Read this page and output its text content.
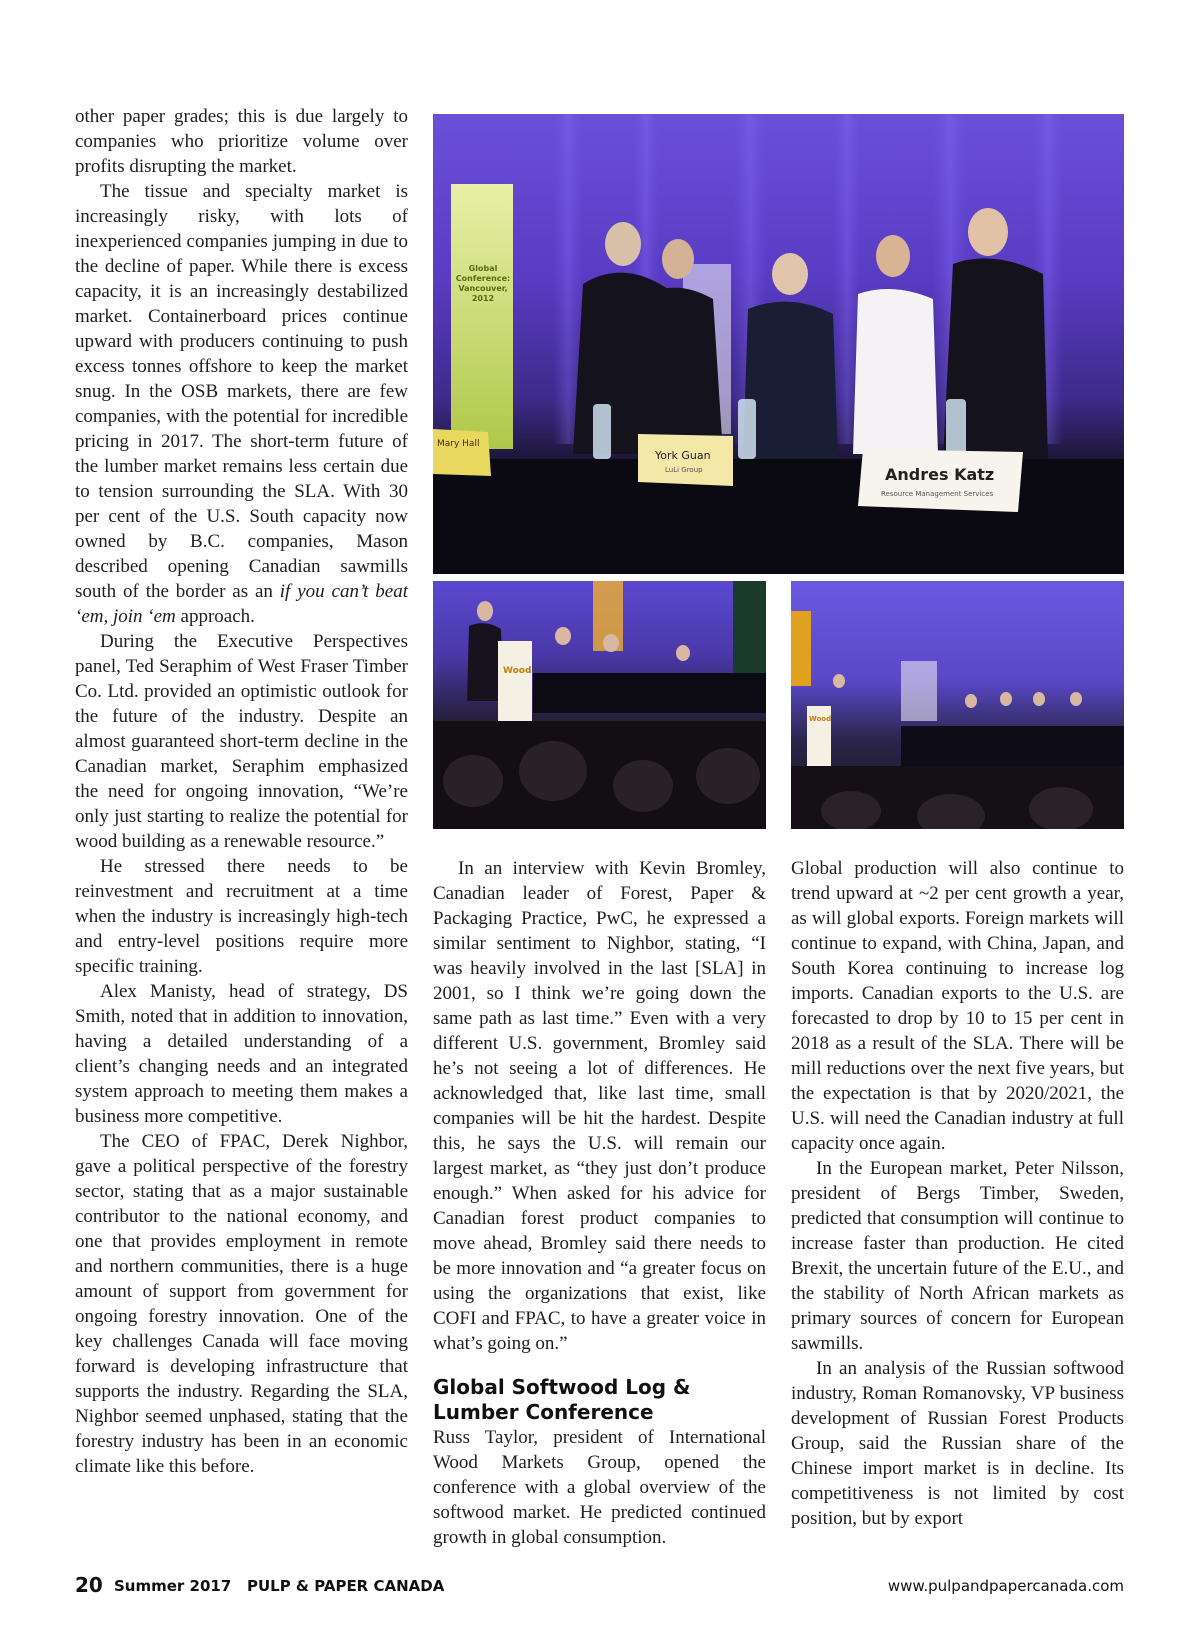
other paper grades; this is due largely to companies who prioritize volume over profits disrupting the market.

The tissue and specialty market is increasingly risky, with lots of inexperienced companies jumping in due to the decline of paper. While there is excess capacity, it is an increasingly destabilized market. Containerboard prices continue upward with producers continuing to push excess tonnes offshore to keep the market snug. In the OSB markets, there are few companies, with the potential for incredible pricing in 2017. The short-term future of the lumber market remains less certain due to tension surrounding the SLA. With 30 per cent of the U.S. South capacity now owned by B.C. companies, Mason described opening Canadian sawmills south of the border as an if you can’t beat ‘em, join ‘em approach.

During the Executive Perspectives panel, Ted Seraphim of West Fraser Timber Co. Ltd. provided an optimistic outlook for the future of the industry. Despite an almost guaranteed short-term decline in the Canadian market, Seraphim emphasized the need for ongoing innovation, “We’re only just starting to realize the potential for wood building as a renewable resource.”

He stressed there needs to be reinvestment and recruitment at a time when the industry is increasingly high-tech and entry-level positions require more specific training.

Alex Manisty, head of strategy, DS Smith, noted that in addition to innovation, having a detailed understanding of a client’s changing needs and an integrated system approach to meeting them makes a business more competitive.

The CEO of FPAC, Derek Nighbor, gave a political perspective of the forestry sector, stating that as a major sustainable contributor to the national economy, and one that provides employment in remote and northern communities, there is a huge amount of support from government for ongoing forestry innovation. One of the key challenges Canada will face moving forward is developing infrastructure that supports the industry. Regarding the SLA, Nighbor seemed unphased, stating that the forestry industry has been in an economic climate like this before.

Mary Hall
York Guan
LuLi Group	Andres Katz
Resource Management Services
Global Conference: Vancouver, 2012
Wood
Wood

In an interview with Kevin Bromley, Canadian leader of Forest, Paper & Packaging Practice, PwC, he expressed a similar sentiment to Nighbor, stating, “I was heavily involved in the last [SLA] in 2001, so I think we’re going down the same path as last time.” Even with a very different U.S. government, Bromley said he’s not seeing a lot of differences. He acknowledged that, like last time, small companies will be hit the hardest. Despite this, he says the U.S. will remain our largest market, as “they just don’t produce enough.” When asked for his advice for Canadian forest product companies to move ahead, Bromley said there needs to be more innovation and “a greater focus on using the organizations that exist, like COFI and FPAC, to have a greater voice in what’s going on.”

Global Softwood Log & Lumber Conference

Russ Taylor, president of International Wood Markets Group, opened the conference with a global overview of the softwood market. He predicted continued growth in global consumption.

Global production will also continue to trend upward at ~2 per cent growth a year, as will global exports. Foreign markets will continue to expand, with China, Japan, and South Korea continuing to increase log imports. Canadian exports to the U.S. are forecasted to drop by 10 to 15 per cent in 2018 as a result of the SLA. There will be mill reductions over the next five years, but the expectation is that by 2020/2021, the U.S. will need the Canadian industry at full capacity once again.

In the European market, Peter Nilsson, president of Bergs Timber, Sweden, predicted that consumption will continue to increase faster than production. He cited Brexit, the uncertain future of the E.U., and the stability of North African markets as primary sources of concern for European sawmills.

In an analysis of the Russian softwood industry, Roman Romanovsky, VP business development of Russian Forest Products Group, said the Russian share of the Chinese import market is in decline. Its competitiveness is not limited by cost position, but by export

20 Summer 2017 PULP & PAPER CANADA	www.pulpandpapercanada.com
